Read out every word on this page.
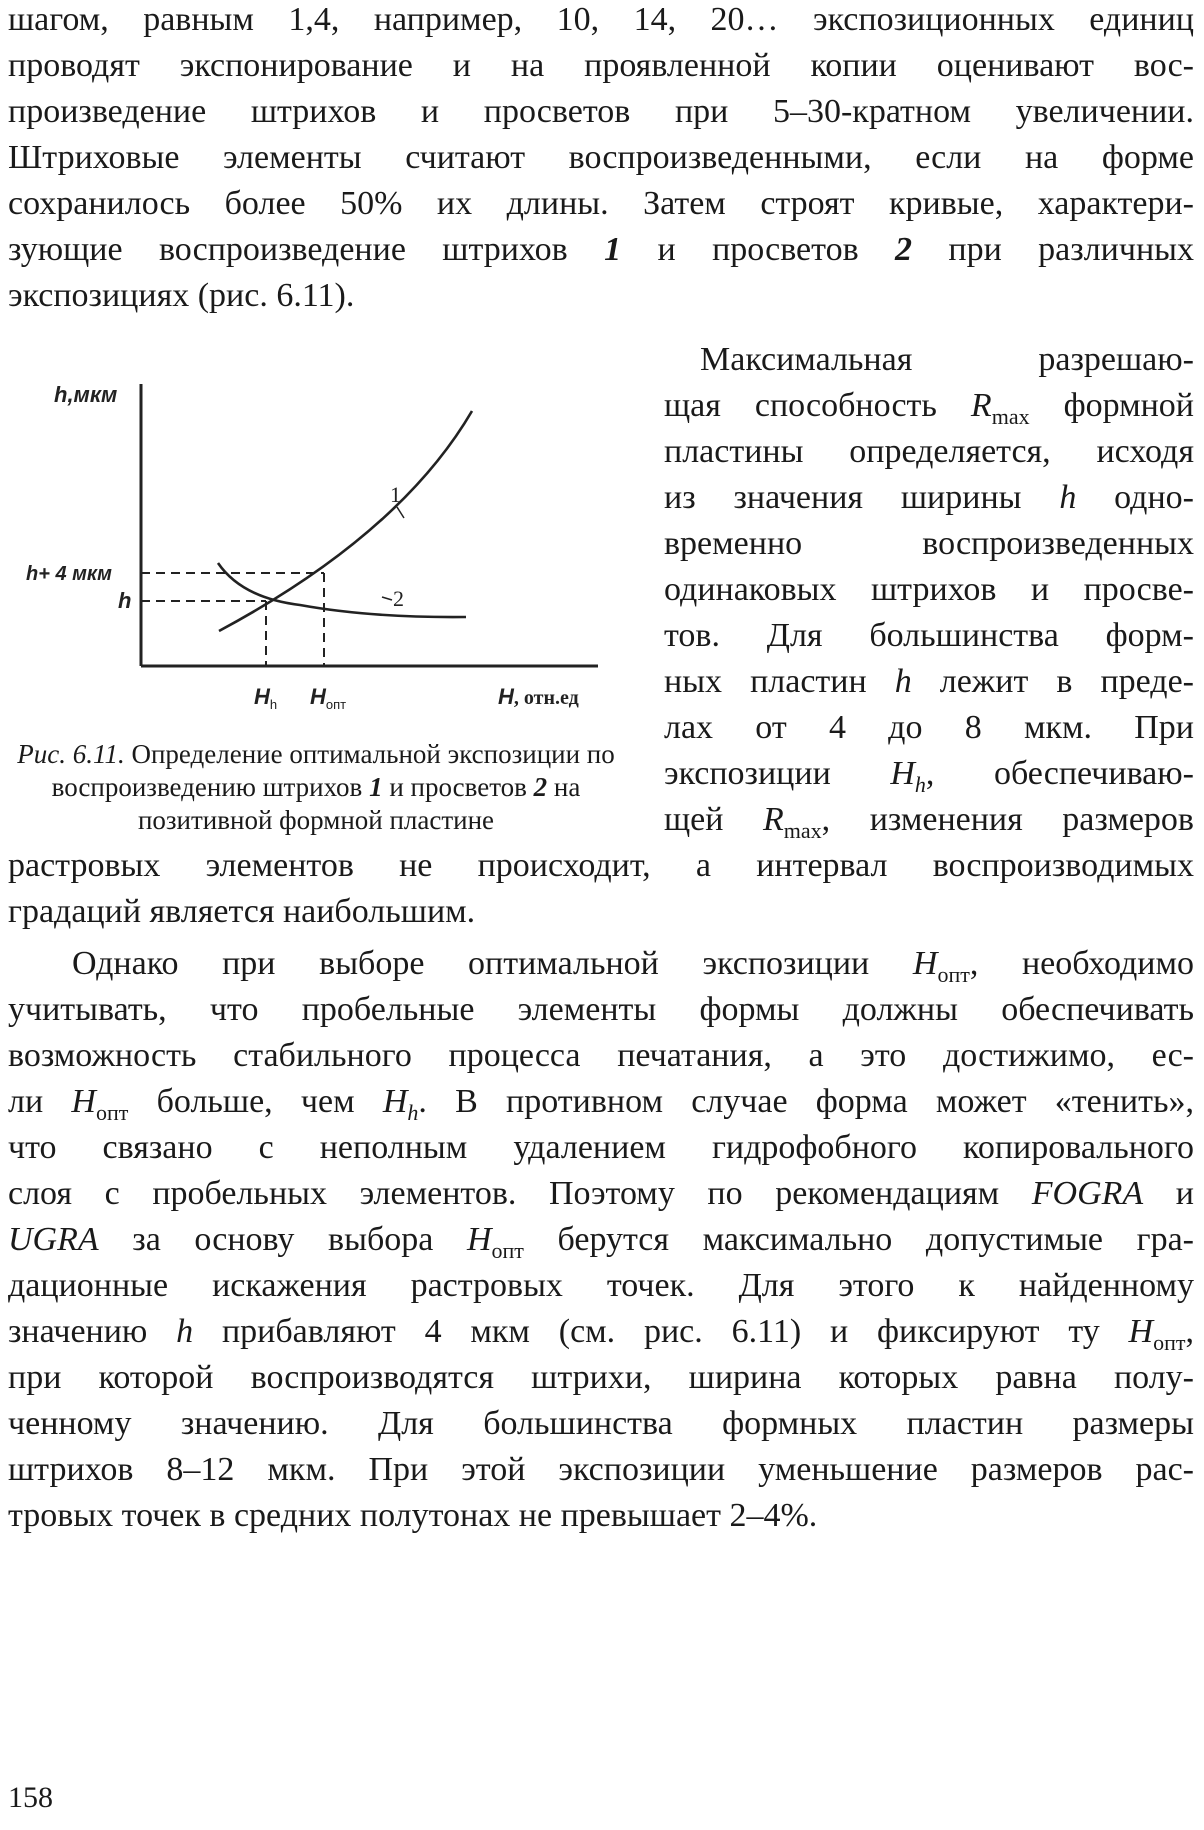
шагом, равным 1,4, например, 10, 14, 20… экспозиционных единиц
проводят экспонирование и на проявленной копии оценивают вос-
произведение штрихов и просветов при 5–30-кратном увеличении.
Штриховые элементы считают воспроизведенными, если на форме
сохранилось более 50% их длины. Затем строят кривые, характери-
зующие воспроизведение штрихов 1 и просветов 2 при различных
экспозициях (рис. 6.11).
1
2
h,мкм
h+ 4 мкм
h
$H_h$ $H_{опт}$	H, отн.ед
Рис. 6.11. Определение оптимальной экспозиции по воспроизведению штрихов 1 и просветов 2 на позитивной формной пластине
Максимальная разрешаю-
щая способность $R_{max}$ формной
пластины определяется, исходя
из значения ширины h одно-
временно воспроизведенных
одинаковых штрихов и просве-
тов. Для большинства форм-
ных пластин h лежит в преде-
лах от 4 до 8 мкм. При
экспозиции $H_h$, обеспечиваю-
щей $R_{max}$, изменения размеров
растровых элементов не происходит, а интервал воспроизводимых
градаций является наибольшим.
Однако при выборе оптимальной экспозиции $H_{опт}$, необходимо
учитывать, что пробельные элементы формы должны обеспечивать
возможность стабильного процесса печатания, а это достижимо, ес-
ли $H_{опт}$ больше, чем $H_h$. В противном случае форма может «тенить»,
что связано с неполным удалением гидрофобного копировального
слоя с пробельных элементов. Поэтому по рекомендациям FOGRA и
UGRA за основу выбора $H_{опт}$ берутся максимально допустимые гра-
дационные искажения растровых точек. Для этого к найденному
значению h прибавляют 4 мкм (см. рис. 6.11) и фиксируют ту $H_{опт}$,
при которой воспроизводятся штрихи, ширина которых равна полу-
ченному значению. Для большинства формных пластин размеры
штрихов 8–12 мкм. При этой экспозиции уменьшение размеров рас-
тровых точек в средних полутонах не превышает 2–4%.
158
